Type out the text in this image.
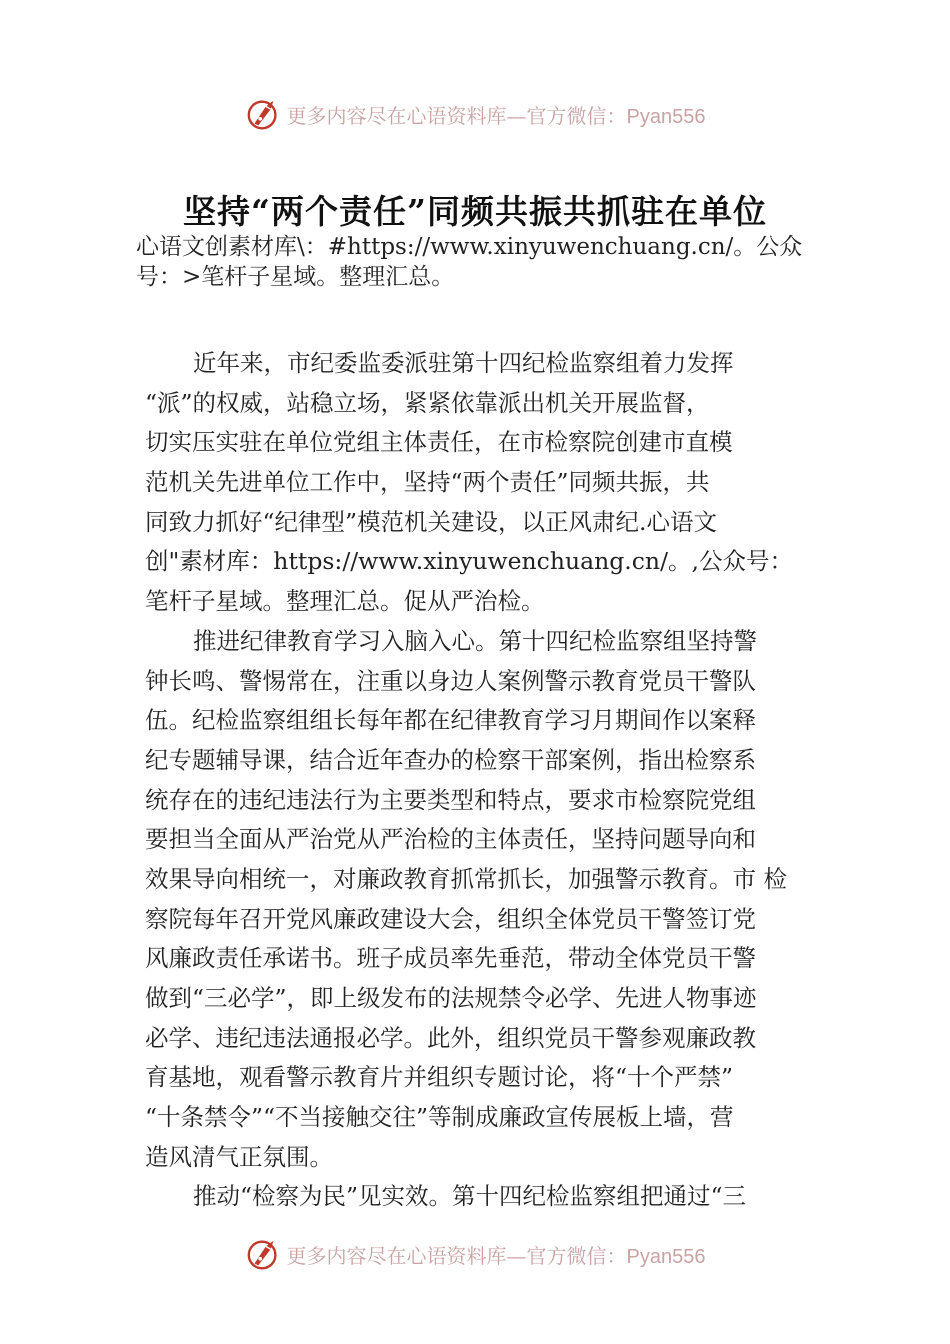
更多内容尽在心语资料库—官方微信：Pyan556
坚持“两个责任”同频共振共抓驻在单位
心语文创素材库\：#https://www.xinyuwenchuang.cn/。公众
号：>笔杆子星域。整理汇总。
近年来，市纪委监委派驻第十四纪检监察组着力发挥
“派”的权威，站稳立场，紧紧依靠派出机关开展监督，
切实压实驻在单位党组主体责任，在市检察院创建市直模
范机关先进单位工作中，坚持“两个责任”同频共振，共
同致力抓好“纪律型”模范机关建设，以正风肃纪.心语文
创"素材库：https://www.xinyuwenchuang.cn/。,公众号：
笔杆子星域。整理汇总。促从严治检。
推进纪律教育学习入脑入心。第十四纪检监察组坚持警
钟长鸣、警惕常在，注重以身边人案例警示教育党员干警队
伍。纪检监察组组长每年都在纪律教育学习月期间作以案释
纪专题辅导课，结合近年查办的检察干部案例，指出检察系
统存在的违纪违法行为主要类型和特点，要求市检察院党组
要担当全面从严治党从严治检的主体责任，坚持问题导向和
效果导向相统一，对廉政教育抓常抓长，加强警示教育。市 检
察院每年召开党风廉政建设大会，组织全体党员干警签订党
风廉政责任承诺书。班子成员率先垂范，带动全体党员干警
做到“三必学”，即上级发布的法规禁令必学、先进人物事迹
必学、违纪违法通报必学。此外，组织党员干警参观廉政教
育基地，观看警示教育片并组织专题讨论，将“十个严禁”
“十条禁令”“不当接触交往”等制成廉政宣传展板上墙，营
造风清气正氛围。
推动“检察为民”见实效。第十四纪检监察组把通过“三
更多内容尽在心语资料库—官方微信：Pyan556
